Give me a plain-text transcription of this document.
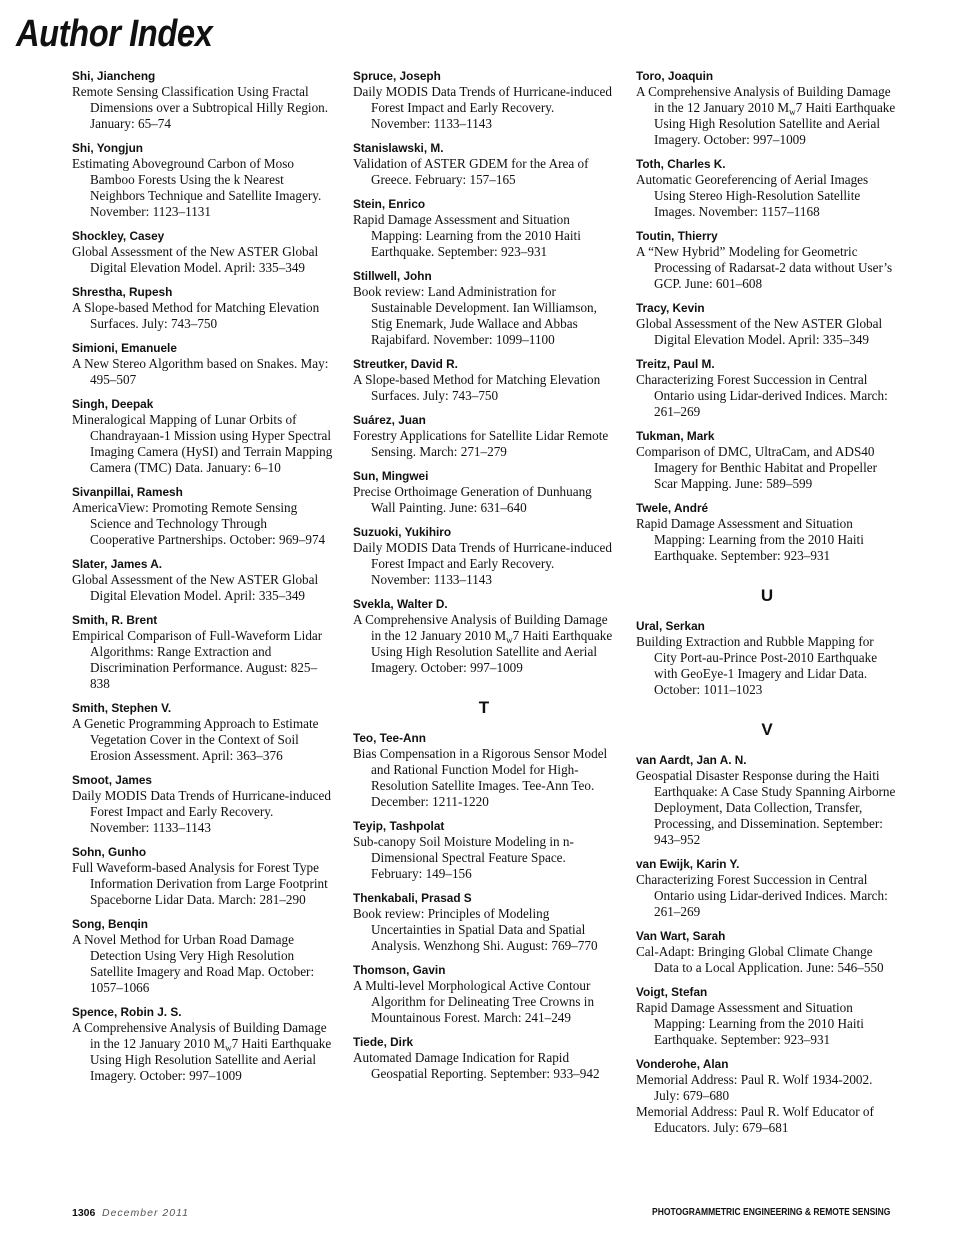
Author Index
Shi, Jiancheng
Remote Sensing Classification Using Fractal Dimensions over a Subtropical Hilly Region. January: 65–74
Shi, Yongjun
Estimating Aboveground Carbon of Moso Bamboo Forests Using the k Nearest Neighbors Technique and Satellite Imagery. November: 1123–1131
Shockley, Casey
Global Assessment of the New ASTER Global Digital Elevation Model. April: 335–349
Shrestha, Rupesh
A Slope-based Method for Matching Elevation Surfaces. July: 743–750
Simioni, Emanuele
A New Stereo Algorithm based on Snakes. May: 495–507
Singh, Deepak
Mineralogical Mapping of Lunar Orbits of Chandrayaan-1 Mission using Hyper Spectral Imaging Camera (HySI) and Terrain Mapping Camera (TMC) Data. January: 6–10
Sivanpillai, Ramesh
AmericaView: Promoting Remote Sensing Science and Technology Through Cooperative Partnerships. October: 969–974
Slater, James A.
Global Assessment of the New ASTER Global Digital Elevation Model. April: 335–349
Smith, R. Brent
Empirical Comparison of Full-Waveform Lidar Algorithms: Range Extraction and Discrimination Performance. August: 825–838
Smith, Stephen V.
A Genetic Programming Approach to Estimate Vegetation Cover in the Context of Soil Erosion Assessment. April: 363–376
Smoot, James
Daily MODIS Data Trends of Hurricane-induced Forest Impact and Early Recovery. November: 1133–1143
Sohn, Gunho
Full Waveform-based Analysis for Forest Type Information Derivation from Large Footprint Spaceborne Lidar Data. March: 281–290
Song, Benqin
A Novel Method for Urban Road Damage Detection Using Very High Resolution Satellite Imagery and Road Map. October: 1057–1066
Spence, Robin J. S.
A Comprehensive Analysis of Building Damage in the 12 January 2010 $M_w7$ Haiti Earthquake Using High Resolution Satellite and Aerial Imagery. October: 997–1009
Spruce, Joseph
Daily MODIS Data Trends of Hurricane-induced Forest Impact and Early Recovery. November: 1133–1143
Stanislawski, M.
Validation of ASTER GDEM for the Area of Greece. February: 157–165
Stein, Enrico
Rapid Damage Assessment and Situation Mapping: Learning from the 2010 Haiti Earthquake. September: 923–931
Stillwell, John
Book review: Land Administration for Sustainable Development. Ian Williamson, Stig Enemark, Jude Wallace and Abbas Rajabifard. November: 1099–1100
Streutker, David R.
A Slope-based Method for Matching Elevation Surfaces. July: 743–750
Suárez, Juan
Forestry Applications for Satellite Lidar Remote Sensing. March: 271–279
Sun, Mingwei
Precise Orthoimage Generation of Dunhuang Wall Painting. June: 631–640
Suzuoki, Yukihiro
Daily MODIS Data Trends of Hurricane-induced Forest Impact and Early Recovery. November: 1133–1143
Svekla, Walter D.
A Comprehensive Analysis of Building Damage in the 12 January 2010 $M_w7$ Haiti Earthquake Using High Resolution Satellite and Aerial Imagery. October: 997–1009
T
Teo, Tee-Ann
Bias Compensation in a Rigorous Sensor Model and Rational Function Model for High-Resolution Satellite Images. Tee-Ann Teo. December: 1211-1220
Teyip, Tashpolat
Sub-canopy Soil Moisture Modeling in n-Dimensional Spectral Feature Space. February: 149–156
Thenkabali, Prasad S
Book review: Principles of Modeling Uncertainties in Spatial Data and Spatial Analysis. Wenzhong Shi. August: 769–770
Thomson, Gavin
A Multi-level Morphological Active Contour Algorithm for Delineating Tree Crowns in Mountainous Forest. March: 241–249
Tiede, Dirk
Automated Damage Indication for Rapid Geospatial Reporting. September: 933–942
Toro, Joaquin
A Comprehensive Analysis of Building Damage in the 12 January 2010 $M_w7$ Haiti Earthquake Using High Resolution Satellite and Aerial Imagery. October: 997–1009
Toth, Charles K.
Automatic Georeferencing of Aerial Images Using Stereo High-Resolution Satellite Images. November: 1157–1168
Toutin, Thierry
A “New Hybrid” Modeling for Geometric Processing of Radarsat-2 data without User’s GCP. June: 601–608
Tracy, Kevin
Global Assessment of the New ASTER Global Digital Elevation Model. April: 335–349
Treitz, Paul M.
Characterizing Forest Succession in Central Ontario using Lidar-derived Indices. March: 261–269
Tukman, Mark
Comparison of DMC, UltraCam, and ADS40 Imagery for Benthic Habitat and Propeller Scar Mapping. June: 589–599
Twele, André
Rapid Damage Assessment and Situation Mapping: Learning from the 2010 Haiti Earthquake. September: 923–931
U
Ural, Serkan
Building Extraction and Rubble Mapping for City Port-au-Prince Post-2010 Earthquake with GeoEye-1 Imagery and Lidar Data. October: 1011–1023
V
van Aardt, Jan A. N.
Geospatial Disaster Response during the Haiti Earthquake: A Case Study Spanning Airborne Deployment, Data Collection, Transfer, Processing, and Dissemination. September: 943–952
van Ewijk, Karin Y.
Characterizing Forest Succession in Central Ontario using Lidar-derived Indices. March: 261–269
Van Wart, Sarah
Cal-Adapt: Bringing Global Climate Change Data to a Local Application. June: 546–550
Voigt, Stefan
Rapid Damage Assessment and Situation Mapping: Learning from the 2010 Haiti Earthquake. September: 923–931
Vonderohe, Alan
Memorial Address: Paul R. Wolf 1934-2002. July: 679–680
Memorial Address: Paul R. Wolf Educator of Educators. July: 679–681
1306 December 2011	PHOTOGRAMMETRIC ENGINEERING & REMOTE SENSING
